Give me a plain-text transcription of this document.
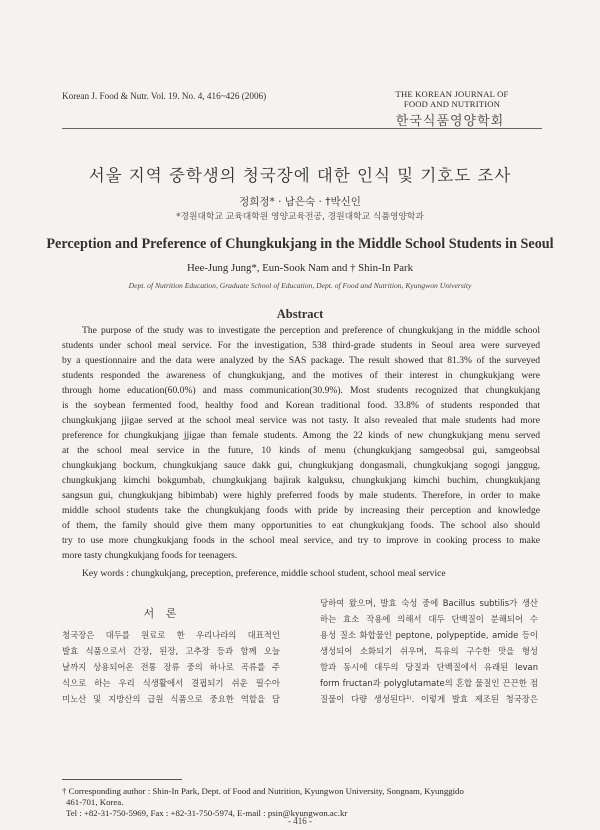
Korean J. Food & Nutr. Vol. 19. No. 4, 416~426 (2006)	THE KOREAN JOURNAL OF
FOOD AND NUTRITION
한국식품영양학회
서울 지역 중학생의 청국장에 대한 인식 및 기호도 조사
정희정* · 남은숙 · †박신인
*경원대학교 교육대학원 영양교육전공, 경원대학교 식품영양학과
Perception and Preference of Chungkukjang in the Middle School Students in Seoul
Hee-Jung Jung*, Eun-Sook Nam and † Shin-In Park
Dept. of Nutrition Education, Graduate School of Education, Dept. of Food and Nutrition, Kyungwon University
Abstract
The purpose of the study was to investigate the perception and preference of chungkukjang in the middle school
students under school meal service. For the investigation, 538 third-grade students in Seoul area were surveyed
by a questionnaire and the data were analyzed by the SAS package. The result showed that 81.3% of the surveyed
students responded the awareness of chungkukjang, and the motives of their interest in chungkukjang were
through home education(60.0%) and mass communication(30.9%). Most students recognized that chungkukjang
is the soybean fermented food, healthy food and Korean traditional food. 33.8% of students responded that
chungkukjang jjigae served at the school meal service was not tasty. It also revealed that male students had more
preference for chungkukjang jjigae than female students. Among the 22 kinds of new chungkukjang menu served
at the school meal service in the future, 10 kinds of menu (chungkukjang samgeobsal gui, samgeobsal
chungkukjang bockum, chungkukjang sauce dakk gui, chungkukjang dongasmali, chungkukjang sogogi janggug,
chungkukjang kimchi bokgumbab, chungkukjang bajirak kalguksu, chungkukjang kimchi buchim, chungkukjang
sangsun gui, chungkukjang bibimbab) were highly preferred foods by male students. Therefore, in order to make
middle school students take the chungkukjang foods with pride by increasing their perception and knowledge
of them, the family should give them many opportunities to eat chungkukjang foods. The school also should
try to use more chungkukjang foods in the school meal service, and try to improve in cooking process to make
more tasty chungkukjang foods for teenagers.
Key words : chungkukjang, preception, preference, middle school student, school meal service
서 론
청국장은 대두를 원료로 한 우리나라의 대표적인
발효 식품으로서 간장, 된장, 고추장 등과 함께 오늘
날까지 상용되어온 전통 장류 중의 하나로 곡류를 주
식으로 하는 우리 식생활에서 결핍되기 쉬운 필수아
미노산 및 지방산의 급원 식품으로 중요한 역할을 담
당하여 왔으며, 발효 숙성 중에 Bacillus subtilis가 생산
하는 효소 작용에 의해서 대두 단백질이 분해되어 수
용성 질소 화합물인 peptone, polypeptide, amide 등이
생성되어 소화되기 쉬우며, 특유의 구수한 맛을 형성
함과 동시에 대두의 당질과 단백질에서 유래된 levan
form fructan과 polyglutamate의 혼합 물질인 끈끈한 점
질물이 다량 생성된다¹⁾. 이렇게 발효 제조된 청국장은
† Corresponding author : Shin-In Park, Dept. of Food and Nutrition, Kyungwon University, Songnam, Kyunggido
461-701, Korea.
Tel : +82-31-750-5969, Fax : +82-31-750-5974, E-mail : psin@kyungwon.ac.kr
- 416 -
